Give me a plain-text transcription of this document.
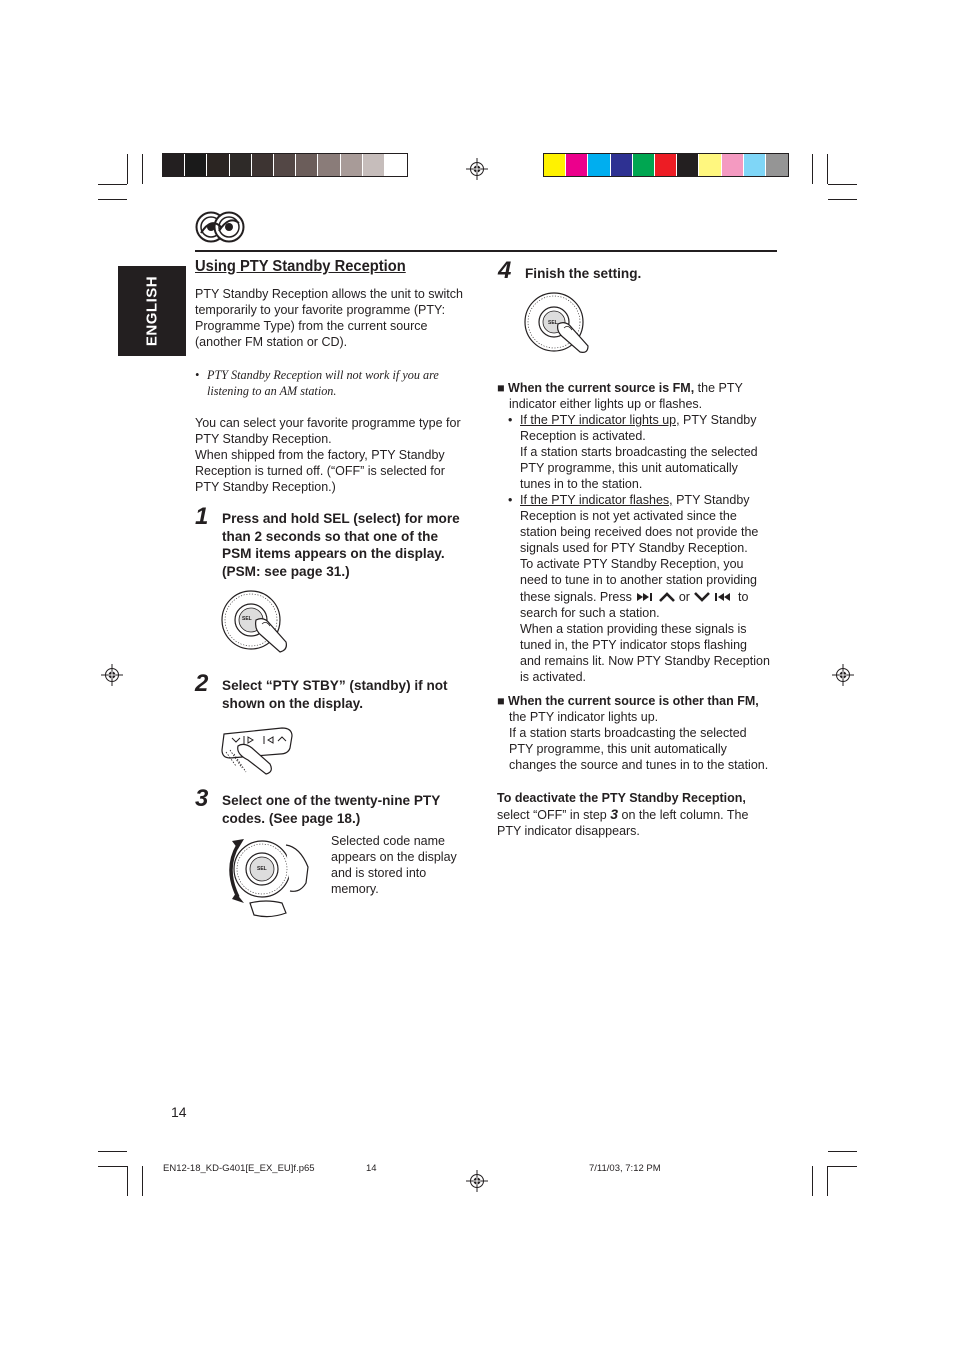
ENGLISH
Using PTY Standby Reception
PTY Standby Reception allows the unit to switch
temporarily to your favorite programme (PTY:
Programme Type) from the current source
(another FM station or CD).
• PTY Standby Reception will not work if you are
listening to an AM station.
You can select your favorite programme type for
PTY Standby Reception.
When shipped from the factory, PTY Standby
Reception is turned off. (“OFF” is selected for
PTY Standby Reception.)
1 Press and hold SEL (select) for more
than 2 seconds so that one of the
PSM items appears on the display.
(PSM: see page 31.)
SEL
2 Select “PTY STBY” (standby) if not
shown on the display.
3 Select one of the twenty-nine PTY
codes. (See page 18.)
SEL
Selected code name
appears on the display
and is stored into
memory.
4 Finish the setting.
SEL
■ When the current source is FM, the PTY
indicator either lights up or flashes.
• If the PTY indicator lights up, PTY Standby
Reception is activated.
If a station starts broadcasting the selected
PTY programme, this unit automatically
tunes in to the station.
• If the PTY indicator flashes, PTY Standby
Reception is not yet activated since the
station being received does not provide the
signals used for PTY Standby Reception.
To activate PTY Standby Reception, you
need to tune in to another station providing
these signals. Press	or	to
search for such a station.
When a station providing these signals is
tuned in, the PTY indicator stops flashing
and remains lit. Now PTY Standby Reception
is activated.
■ When the current source is other than FM,
the PTY indicator lights up.
If a station starts broadcasting the selected
PTY programme, this unit automatically
changes the source and tunes in to the station.
To deactivate the PTY Standby Reception,
select “OFF” in step 3 on the left column. The
PTY indicator disappears.
14
EN12-18_KD-G401[E_EX_EU]f.p65	14	7/11/03, 7:12 PM
